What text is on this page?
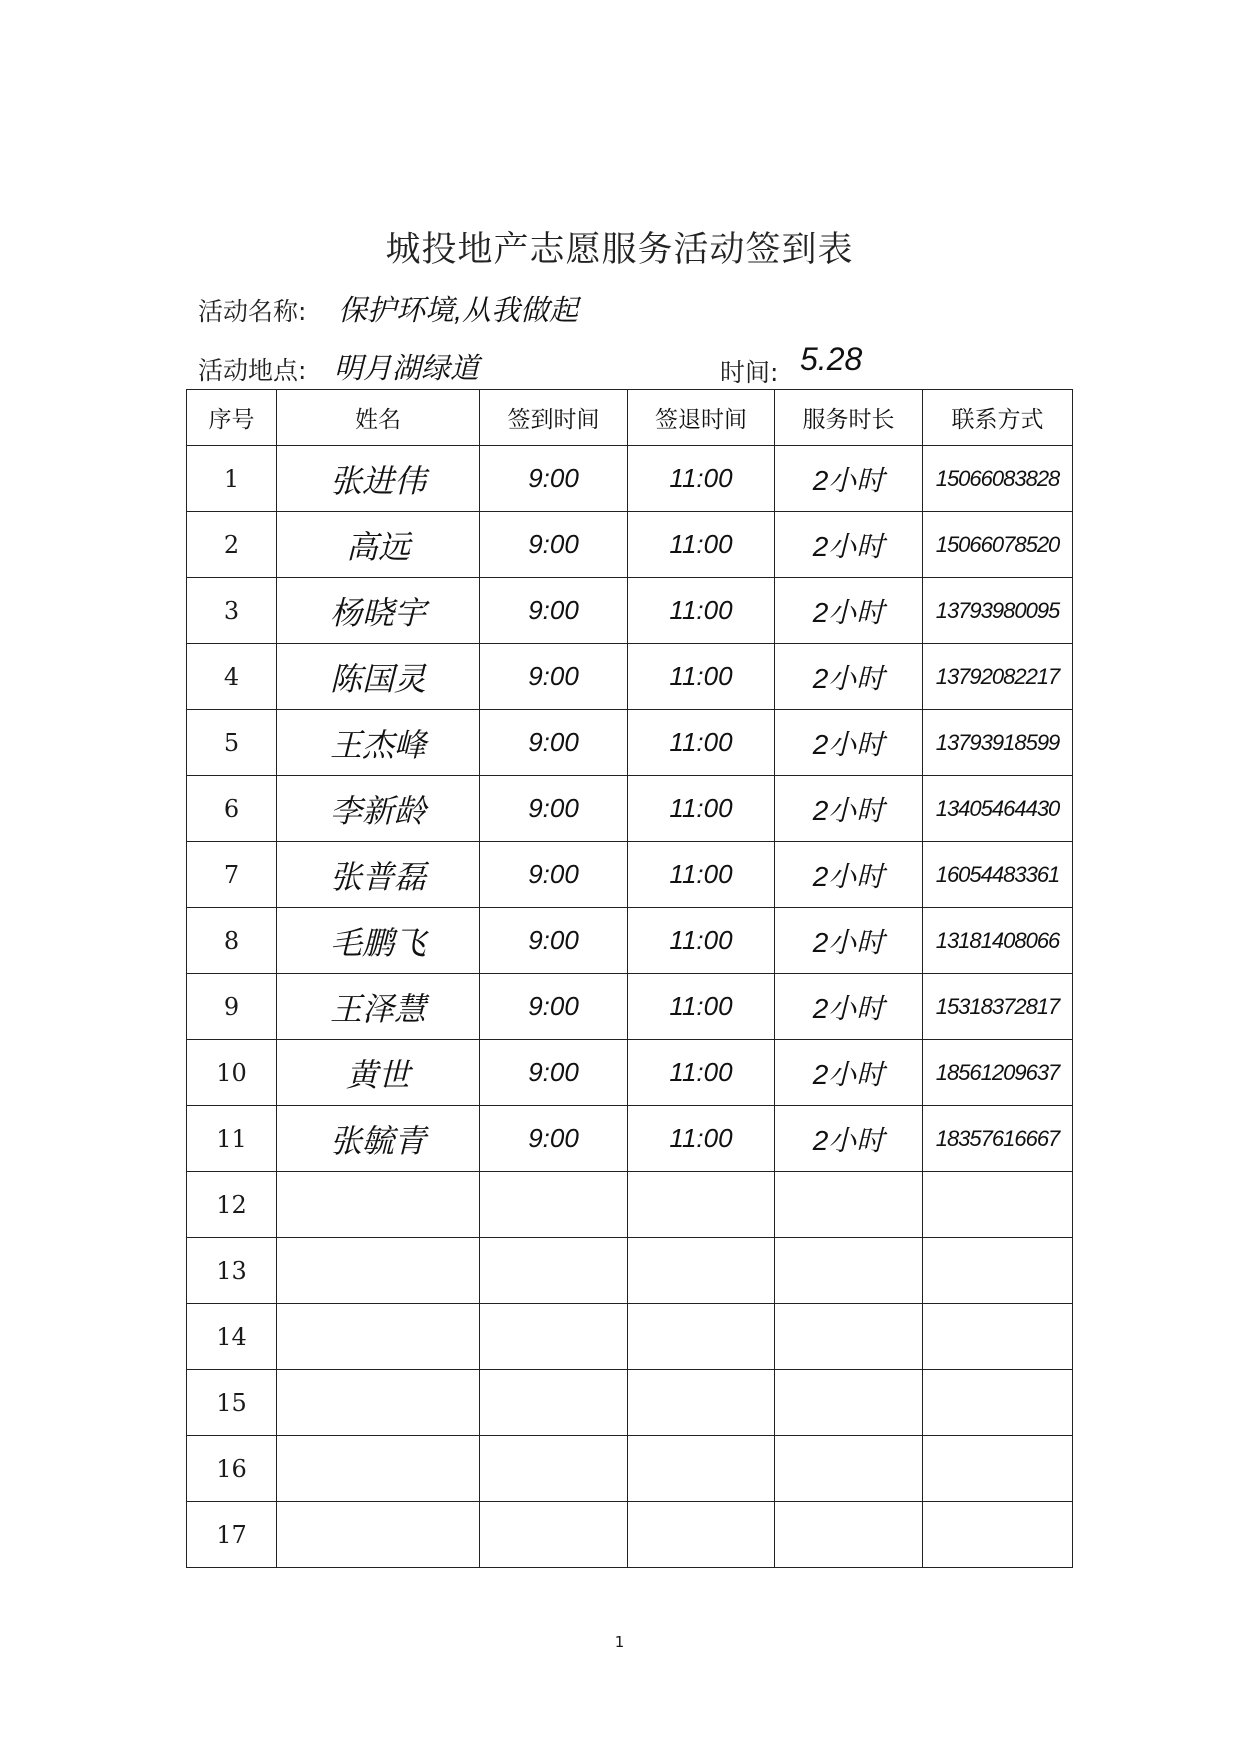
城投地产志愿服务活动签到表
活动名称: 保护环境,从我做起
活动地点: 明月湖绿道	时间: 5.28
序号	姓名	签到时间	签退时间	服务时长	联系方式
1	张进伟	9:00	11:00	2小时	15066083828
2	高远	9:00	11:00	2小时	15066078520
3	杨晓宇	9:00	11:00	2小时	13793980095
4	陈国灵	9:00	11:00	2小时	13792082217
5	王杰峰	9:00	11:00	2小时	13793918599
6	李新龄	9:00	11:00	2小时	13405464430
7	张普磊	9:00	11:00	2小时	16054483361
8	毛鹏飞	9:00	11:00	2小时	13181408066
9	王泽慧	9:00	11:00	2小时	15318372817
10	黄世	9:00	11:00	2小时	18561209637
11	张毓青	9:00	11:00	2小时	18357616667
12					
13					
14					
15					
16					
17					
1
